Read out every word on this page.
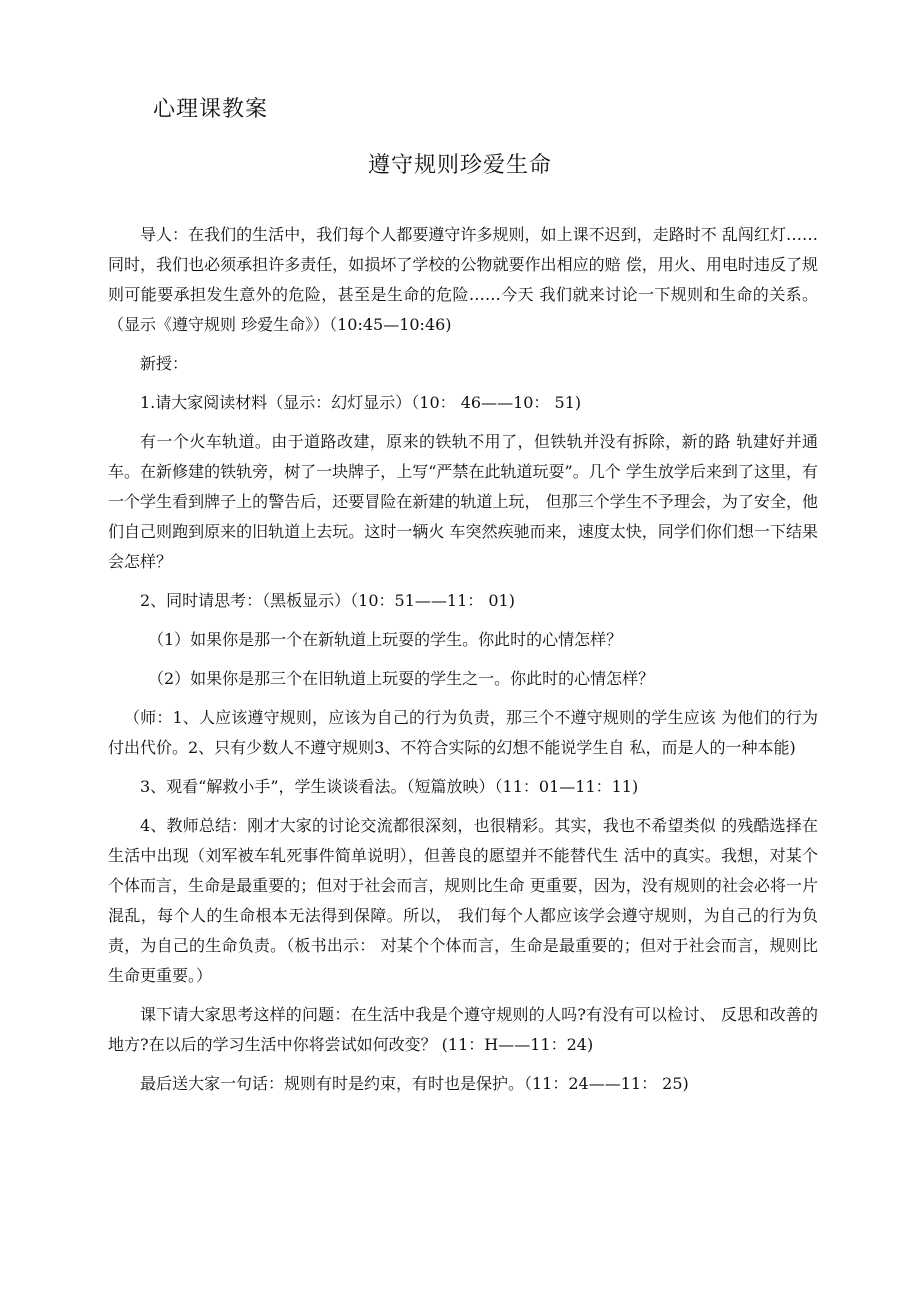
心理课教案
遵守规则珍爱生命

导人：在我们的生活中，我们每个人都要遵守许多规则，如上课不迟到，走路时不 乱闯红灯……同时，我们也必须承担许多责任，如损坏了学校的公物就要作出相应的赔 偿，用火、用电时违反了规则可能要承担发生意外的危险，甚至是生命的危险……今天 我们就来讨论一下规则和生命的关系。（显示《遵守规则 珍爱生命》）（10:45—10:46)

新授：

1.请大家阅读材料（显示：幻灯显示）（10： 46——10： 51)

有一个火车轨道。由于道路改建，原来的铁轨不用了，但铁轨并没有拆除，新的路 轨建好并通车。在新修建的铁轨旁，树了一块牌子，上写“严禁在此轨道玩耍”。几个 学生放学后来到了这里，有一个学生看到牌子上的警告后，还要冒险在新建的轨道上玩， 但那三个学生不予理会，为了安全，他们自己则跑到原来的旧轨道上去玩。这时一辆火 车突然疾驰而来，速度太快，同学们你们想一下结果会怎样？

2、同时请思考：（黑板显示）（10：51——11： 01)

（1）如果你是那一个在新轨道上玩耍的学生。你此时的心情怎样？

（2）如果你是那三个在旧轨道上玩耍的学生之一。你此时的心情怎样？

（师：1、人应该遵守规则，应该为自己的行为负责，那三个不遵守规则的学生应该 为他们的行为付出代价。2、只有少数人不遵守规则3、不符合实际的幻想不能说学生自 私，而是人的一种本能)

3、观看“解救小手”，学生谈谈看法。（短篇放映）（11：01—11：11)

4、教师总结：刚才大家的讨论交流都很深刻，也很精彩。其实，我也不希望类似 的残酷选择在生活中出现（刘军被车轧死事件简单说明），但善良的愿望并不能替代生 活中的真实。我想，对某个个体而言，生命是最重要的；但对于社会而言，规则比生命 更重要，因为，没有规则的社会必将一片混乱，每个人的生命根本无法得到保障。所以， 我们每个人都应该学会遵守规则，为自己的行为负责，为自己的生命负责。（板书出示： 对某个个体而言，生命是最重要的；但对于社会而言，规则比生命更重要。）

课下请大家思考这样的问题：在生活中我是个遵守规则的人吗?有没有可以检讨、 反思和改善的地方?在以后的学习生活中你将尝试如何改变？ (11：H——11：24)

最后送大家一句话：规则有时是约束，有时也是保护。（11：24——11： 25)
